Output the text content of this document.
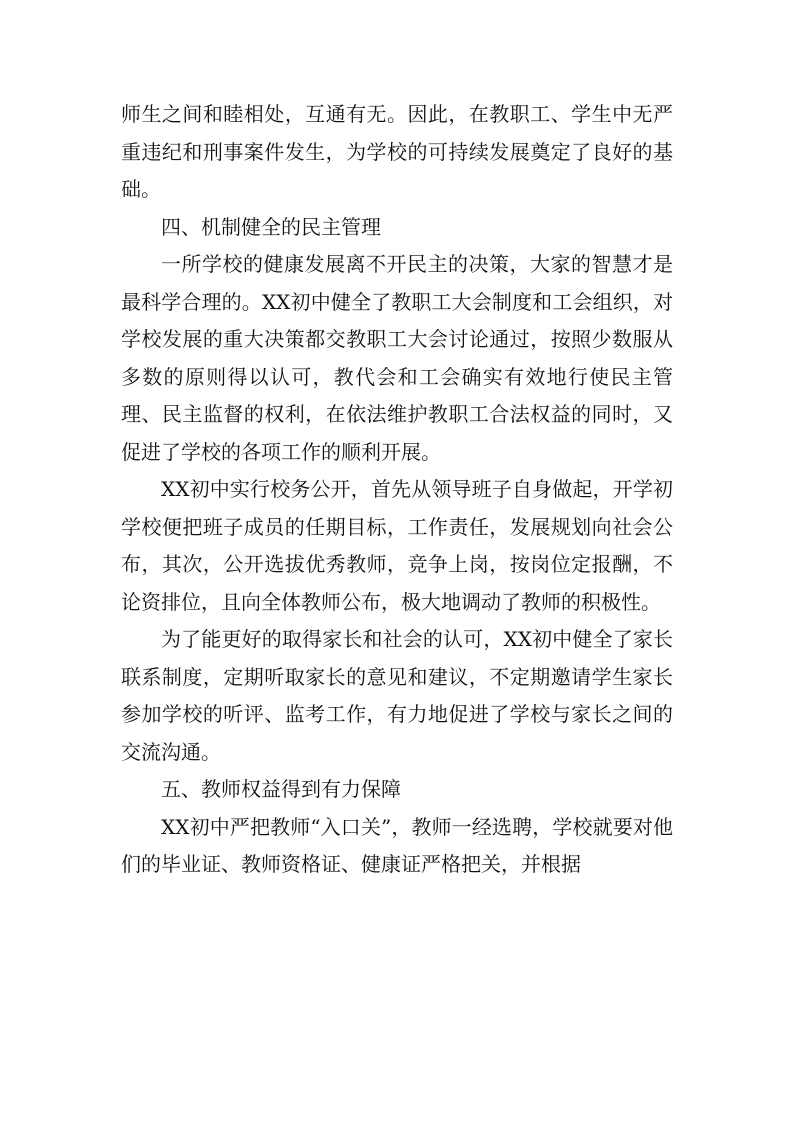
师生之间和睦相处，互通有无。因此，在教职工、学生中无严重违纪和刑事案件发生，为学校的可持续发展奠定了良好的基础。

四、机制健全的民主管理

一所学校的健康发展离不开民主的决策，大家的智慧才是最科学合理的。XX初中健全了教职工大会制度和工会组织，对学校发展的重大决策都交教职工大会讨论通过，按照少数服从多数的原则得以认可，教代会和工会确实有效地行使民主管理、民主监督的权利，在依法维护教职工合法权益的同时，又促进了学校的各项工作的顺利开展。

XX初中实行校务公开，首先从领导班子自身做起，开学初学校便把班子成员的任期目标，工作责任，发展规划向社会公布，其次，公开选拔优秀教师，竞争上岗，按岗位定报酬，不论资排位，且向全体教师公布，极大地调动了教师的积极性。

为了能更好的取得家长和社会的认可，XX初中健全了家长联系制度，定期听取家长的意见和建议，不定期邀请学生家长参加学校的听评、监考工作，有力地促进了学校与家长之间的交流沟通。

五、教师权益得到有力保障

XX初中严把教师“入口关”，教师一经选聘，学校就要对他们的毕业证、教师资格证、健康证严格把关，并根据
